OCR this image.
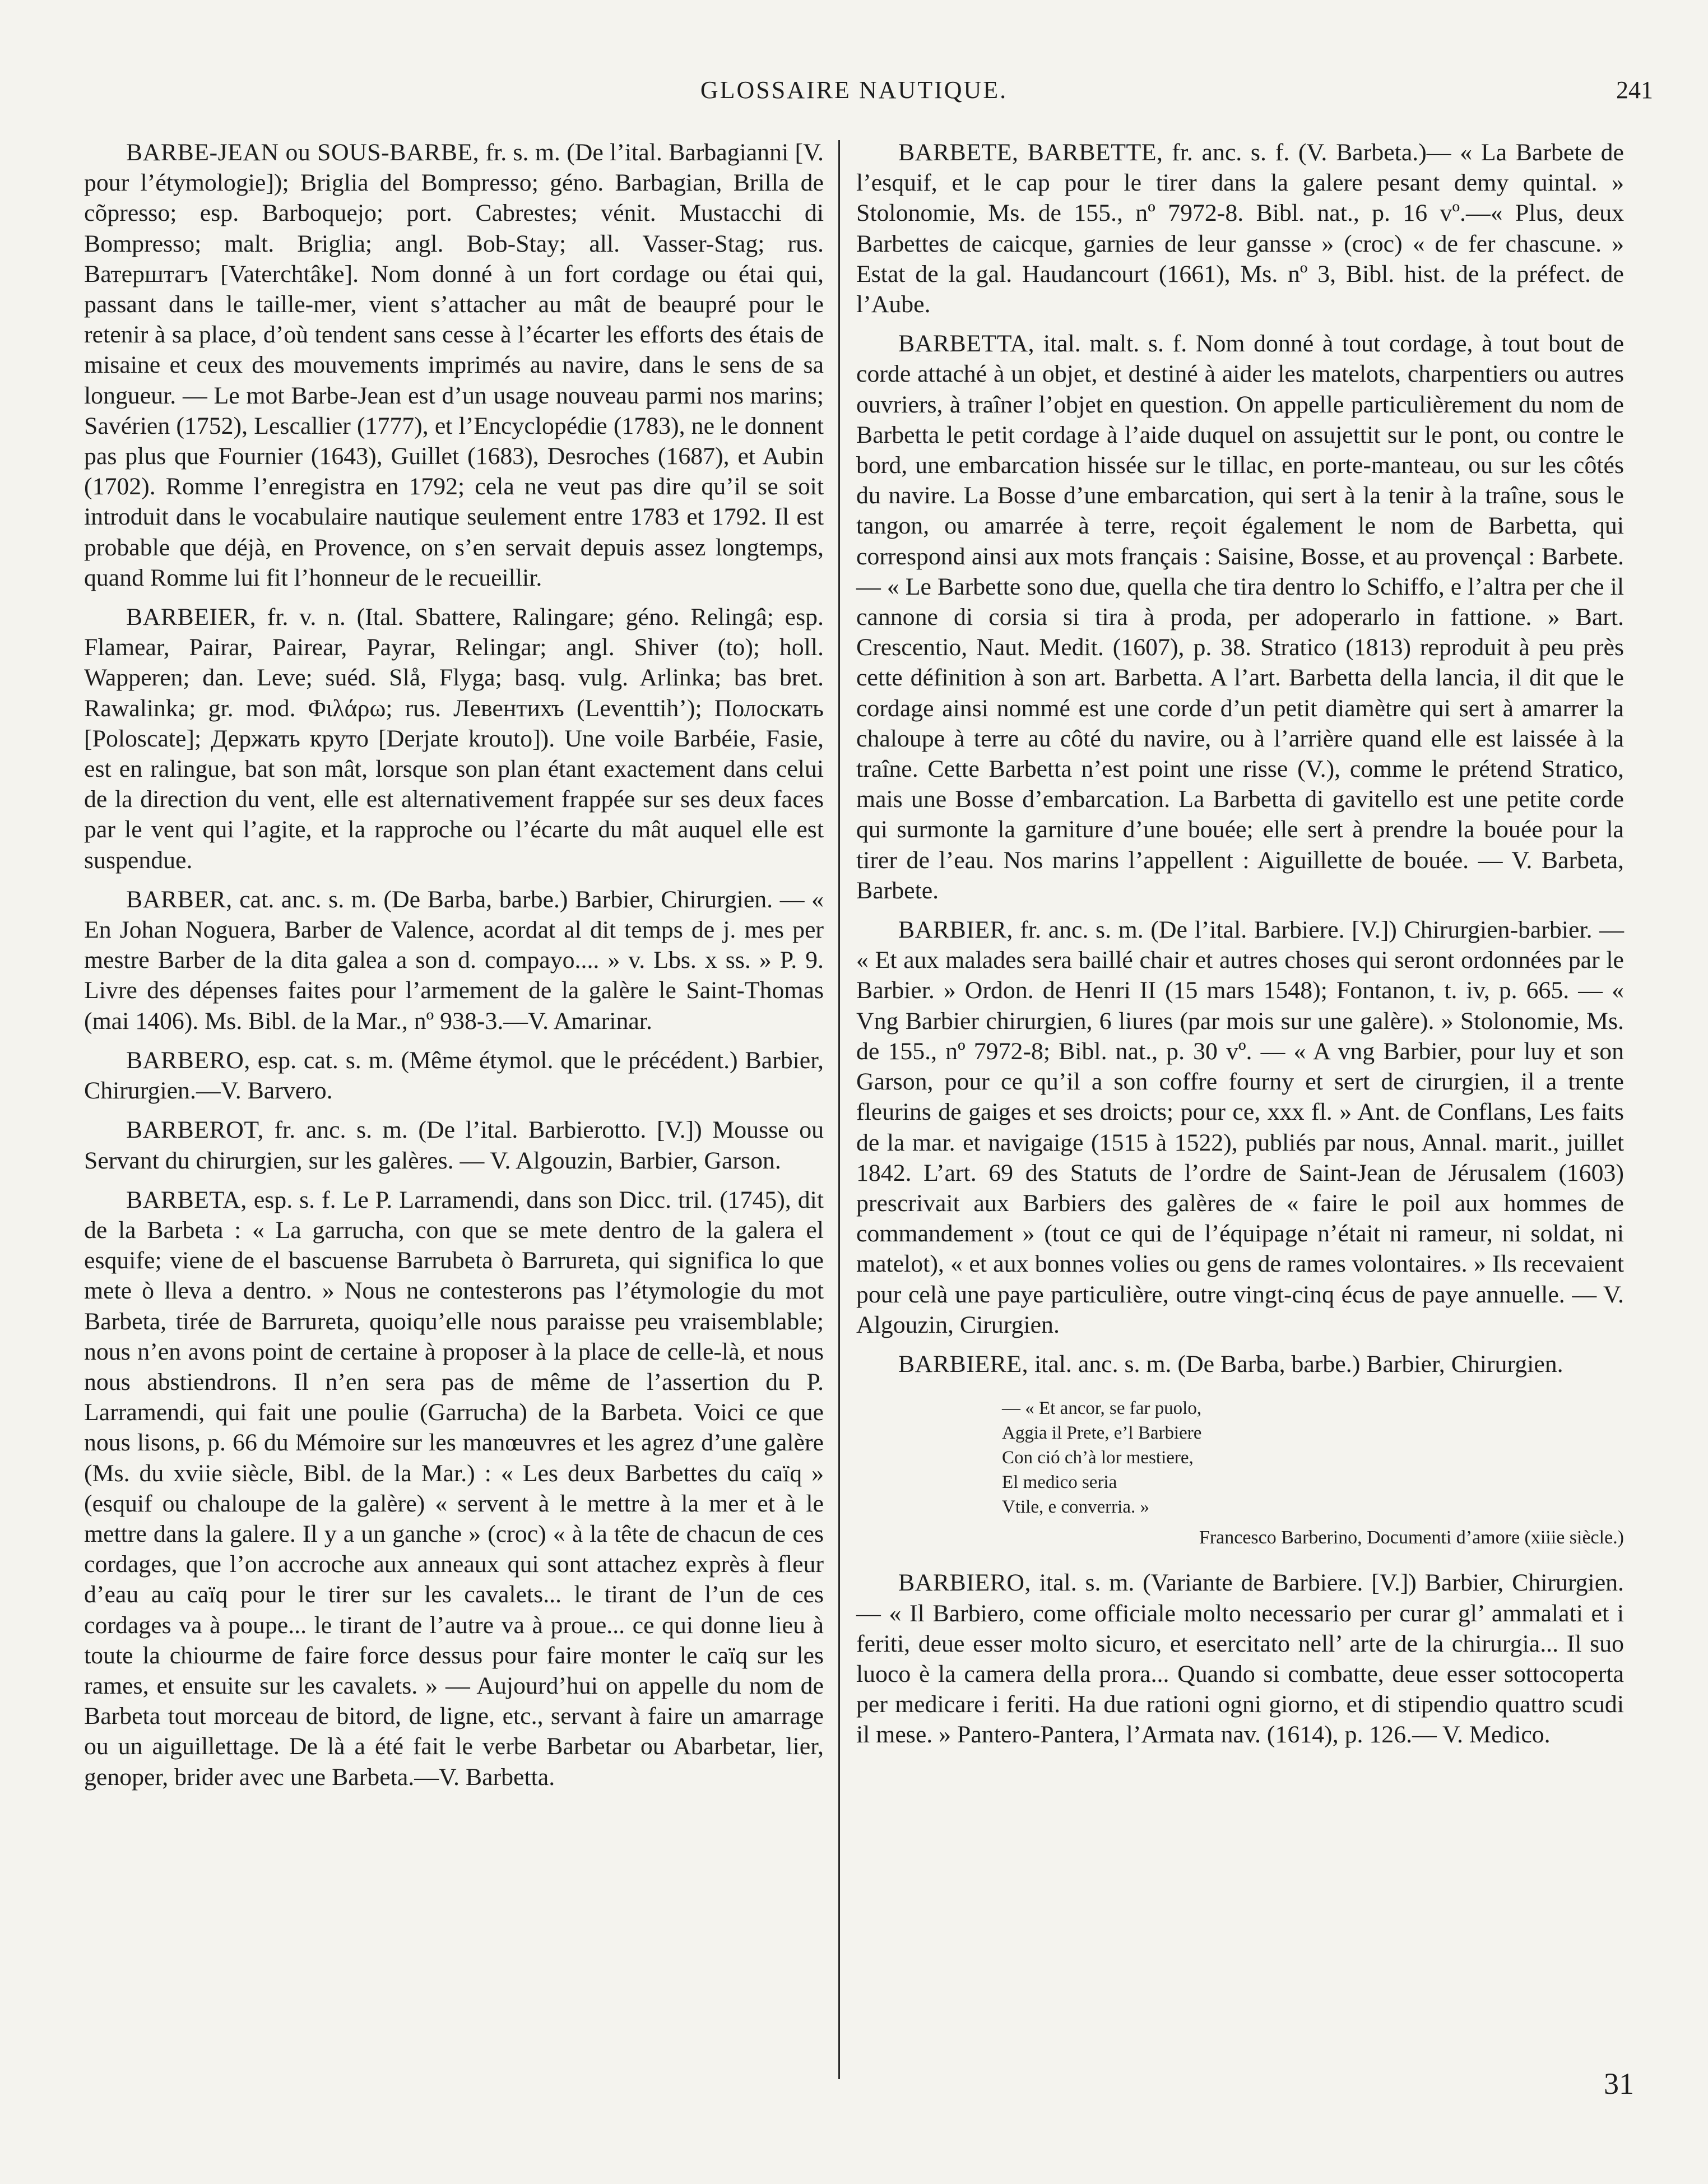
GLOSSAIRE NAUTIQUE.	241

BARBE-JEAN ou SOUS-BARBE, fr. s. m. (De l’ital. Barbagianni [V. pour l’étymologie]); Briglia del Bompresso; géno. Barbagian, Brilla de cõpresso; esp. Barboquejo; port. Cabrestes; vénit. Mustacchi di Bompresso; malt. Briglia; angl. Bob-Stay; all. Vasser-Stag; rus. Ватерштагъ [Vaterchtâke]. Nom donné à un fort cordage ou étai qui, passant dans le taille-mer, vient s’attacher au mât de beaupré pour le retenir à sa place, d’où tendent sans cesse à l’écarter les efforts des étais de misaine et ceux des mouvements imprimés au navire, dans le sens de sa longueur. — Le mot Barbe-Jean est d’un usage nouveau parmi nos marins; Savérien (1752), Lescallier (1777), et l’Encyclopédie (1783), ne le donnent pas plus que Fournier (1643), Guillet (1683), Desroches (1687), et Aubin (1702). Romme l’enregistra en 1792; cela ne veut pas dire qu’il se soit introduit dans le vocabulaire nautique seulement entre 1783 et 1792. Il est probable que déjà, en Provence, on s’en servait depuis assez longtemps, quand Romme lui fit l’honneur de le recueillir.

BARBEIER, fr. v. n. (Ital. Sbattere, Ralingare; géno. Relingâ; esp. Flamear, Pairar, Pairear, Payrar, Relingar; angl. Shiver (to); holl. Wapperen; dan. Leve; suéd. Slå, Flyga; basq. vulg. Arlinka; bas bret. Rawalinka; gr. mod. Φιλάρω; rus. Левентихъ (Leventtih’); Полоскать [Poloscate]; Держать круто [Derjate krouto]). Une voile Barbéie, Fasie, est en ralingue, bat son mât, lorsque son plan étant exactement dans celui de la direction du vent, elle est alternativement frappée sur ses deux faces par le vent qui l’agite, et la rapproche ou l’écarte du mât auquel elle est suspendue.

BARBER, cat. anc. s. m. (De Barba, barbe.) Barbier, Chirurgien. — « En Johan Noguera, Barber de Valence, acordat al dit temps de j. mes per mestre Barber de la dita galea a son d. compayo.... » v. Lbs. x ss. » P. 9. Livre des dépenses faites pour l’armement de la galère le Saint-Thomas (mai 1406). Ms. Bibl. de la Mar., nº 938-3.—V. Amarinar.

BARBERO, esp. cat. s. m. (Même étymol. que le précédent.) Barbier, Chirurgien.—V. Barvero.

BARBEROT, fr. anc. s. m. (De l’ital. Barbierotto. [V.]) Mousse ou Servant du chirurgien, sur les galères. — V. Algouzin, Barbier, Garson.

BARBETA, esp. s. f. Le P. Larramendi, dans son Dicc. tril. (1745), dit de la Barbeta : « La garrucha, con que se mete dentro de la galera el esquife; viene de el bascuense Barrubeta ò Barrureta, qui significa lo que mete ò lleva a dentro. » Nous ne contesterons pas l’étymologie du mot Barbeta, tirée de Barrureta, quoiqu’elle nous paraisse peu vraisemblable; nous n’en avons point de certaine à proposer à la place de celle-là, et nous nous abstiendrons. Il n’en sera pas de même de l’assertion du P. Larramendi, qui fait une poulie (Garrucha) de la Barbeta. Voici ce que nous lisons, p. 66 du Mémoire sur les manœuvres et les agrez d’une galère (Ms. du xviie siècle, Bibl. de la Mar.) : « Les deux Barbettes du caïq » (esquif ou chaloupe de la galère) « servent à le mettre à la mer et à le mettre dans la galere. Il y a un ganche » (croc) « à la tête de chacun de ces cordages, que l’on accroche aux anneaux qui sont attachez exprès à fleur d’eau au caïq pour le tirer sur les cavalets... le tirant de l’un de ces cordages va à poupe... le tirant de l’autre va à proue... ce qui donne lieu à toute la chiourme de faire force dessus pour faire monter le caïq sur les rames, et ensuite sur les cavalets. » — Aujourd’hui on appelle du nom de Barbeta tout morceau de bitord, de ligne, etc., servant à faire un amarrage ou un aiguillettage. De là a été fait le verbe Barbetar ou Abarbetar, lier, genoper, brider avec une Barbeta.—V. Barbetta.

BARBETE, BARBETTE, fr. anc. s. f. (V. Barbeta.)— « La Barbete de l’esquif, et le cap pour le tirer dans la galere pesant demy quintal. » Stolonomie, Ms. de 155., nº 7972-8. Bibl. nat., p. 16 vº.—« Plus, deux Barbettes de caicque, garnies de leur gansse » (croc) « de fer chascune. » Estat de la gal. Haudancourt (1661), Ms. nº 3, Bibl. hist. de la préfect. de l’Aube.

BARBETTA, ital. malt. s. f. Nom donné à tout cordage, à tout bout de corde attaché à un objet, et destiné à aider les matelots, charpentiers ou autres ouvriers, à traîner l’objet en question. On appelle particulièrement du nom de Barbetta le petit cordage à l’aide duquel on assujettit sur le pont, ou contre le bord, une embarcation hissée sur le tillac, en porte-manteau, ou sur les côtés du navire. La Bosse d’une embarcation, qui sert à la tenir à la traîne, sous le tangon, ou amarrée à terre, reçoit également le nom de Barbetta, qui correspond ainsi aux mots français : Saisine, Bosse, et au provençal : Barbete. — « Le Barbette sono due, quella che tira dentro lo Schiffo, e l’altra per che il cannone di corsia si tira à proda, per adoperarlo in fattione. » Bart. Crescentio, Naut. Medit. (1607), p. 38. Stratico (1813) reproduit à peu près cette définition à son art. Barbetta. A l’art. Barbetta della lancia, il dit que le cordage ainsi nommé est une corde d’un petit diamètre qui sert à amarrer la chaloupe à terre au côté du navire, ou à l’arrière quand elle est laissée à la traîne. Cette Barbetta n’est point une risse (V.), comme le prétend Stratico, mais une Bosse d’embarcation. La Barbetta di gavitello est une petite corde qui surmonte la garniture d’une bouée; elle sert à prendre la bouée pour la tirer de l’eau. Nos marins l’appellent : Aiguillette de bouée. — V. Barbeta, Barbete.

BARBIER, fr. anc. s. m. (De l’ital. Barbiere. [V.]) Chirurgien-barbier. — « Et aux malades sera baillé chair et autres choses qui seront ordonnées par le Barbier. » Ordon. de Henri II (15 mars 1548); Fontanon, t. iv, p. 665. — « Vng Barbier chirurgien, 6 liures (par mois sur une galère). » Stolonomie, Ms. de 155., nº 7972-8; Bibl. nat., p. 30 vº. — « A vng Barbier, pour luy et son Garson, pour ce qu’il a son coffre fourny et sert de cirurgien, il a trente fleurins de gaiges et ses droicts; pour ce, xxx fl. » Ant. de Conflans, Les faits de la mar. et navigaige (1515 à 1522), publiés par nous, Annal. marit., juillet 1842. L’art. 69 des Statuts de l’ordre de Saint-Jean de Jérusalem (1603) prescrivait aux Barbiers des galères de « faire le poil aux hommes de commandement » (tout ce qui de l’équipage n’était ni rameur, ni soldat, ni matelot), « et aux bonnes volies ou gens de rames volontaires. » Ils recevaient pour celà une paye particulière, outre vingt-cinq écus de paye annuelle. — V. Algouzin, Cirurgien.

BARBIERE, ital. anc. s. m. (De Barba, barbe.) Barbier, Chirurgien.

— « Et ancor, se far puolo,
Aggia il Prete, e’l Barbiere
Con ció ch’à lor mestiere,
El medico seria
Vtile, e converria. »
Francesco Barberino, Documenti d’amore (xiiie siècle.)

BARBIERO, ital. s. m. (Variante de Barbiere. [V.]) Barbier, Chirurgien. — « Il Barbiero, come officiale molto necessario per curar gl’ ammalati et i feriti, deue esser molto sicuro, et esercitato nell’ arte de la chirurgia... Il suo luoco è la camera della prora... Quando si combatte, deue esser sottocoperta per medicare i feriti. Ha due rationi ogni giorno, et di stipendio quattro scudi il mese. » Pantero-Pantera, l’Armata nav. (1614), p. 126.— V. Medico.

31
